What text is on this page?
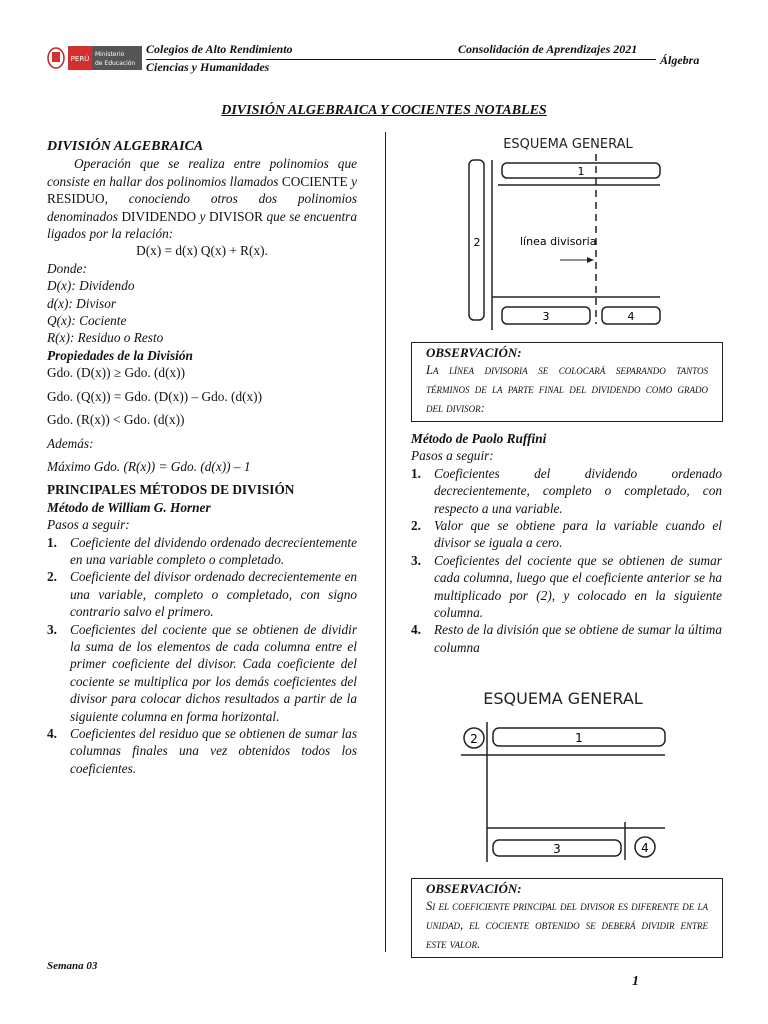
PERÚ
Ministerio
de Educación
Colegios de Alto Rendimiento
Ciencias y Humanidades
Consolidación de Aprendizajes 2021
Álgebra
DIVISIÓN ALGEBRAICA Y COCIENTES NOTABLES

DIVISIÓN ALGEBRAICA

Operación que se realiza entre polinomios que consiste en hallar dos polinomios llamados COCIENTE y RESIDUO, conociendo otros dos polinomios denominados DIVIDENDO y DIVISOR que se encuentra ligados por la relación:

D(x) = d(x) Q(x) + R(x).

Donde:

D(x): Dividendo

d(x): Divisor

Q(x): Cociente

R(x): Residuo o Resto

Propiedades de la División

Gdo. (D(x)) ≥ Gdo. (d(x))

Gdo. (Q(x)) = Gdo. (D(x)) – Gdo. (d(x))

Gdo. (R(x)) < Gdo. (d(x))

Además:

Máximo Gdo. (R(x)) = Gdo. (d(x)) – 1

PRINCIPALES MÉTODOS DE DIVISIÓN

Método de William G. Horner

Pasos a seguir:

1. Coeficiente del dividendo ordenado decrecientemente en una variable completo o completado.
2. Coeficiente del divisor ordenado decrecientemente en una variable, completo o completado, con signo contrario salvo el primero.
3. Coeficientes del cociente que se obtienen de dividir la suma de los elementos de cada columna entre el primer coeficiente del divisor. Cada coeficiente del cociente se multiplica por los demás coeficientes del divisor para colocar dichos resultados a partir de la siguiente columna en forma horizontal.
4. Coeficientes del residuo que se obtienen de sumar las columnas finales una vez obtenidos todos los coeficientes.
ESQUEMA GENERAL
2
1
línea divisoria
3	4
OBSERVACIÓN:
La línea divisoria se colocará separando tantos términos de la parte final del dividendo como grado del divisor:

Método de Paolo Ruffini

Pasos a seguir:

1. Coeficientes del dividendo ordenado decrecientemente, completo o completado, con respecto a una variable.
2. Valor que se obtiene para la variable cuando el divisor se iguala a cero.
3. Coeficientes del cociente que se obtienen de sumar cada columna, luego que el coeficiente anterior se ha multiplicado por (2), y colocado en la siguiente columna.
4. Resto de la división que se obtiene de sumar la última columna
ESQUEMA GENERAL
2	1
3	4
OBSERVACIÓN:
Si el coeficiente principal del divisor es diferente de la unidad, el cociente obtenido se deberá dividir entre este valor.
Semana 03
1
